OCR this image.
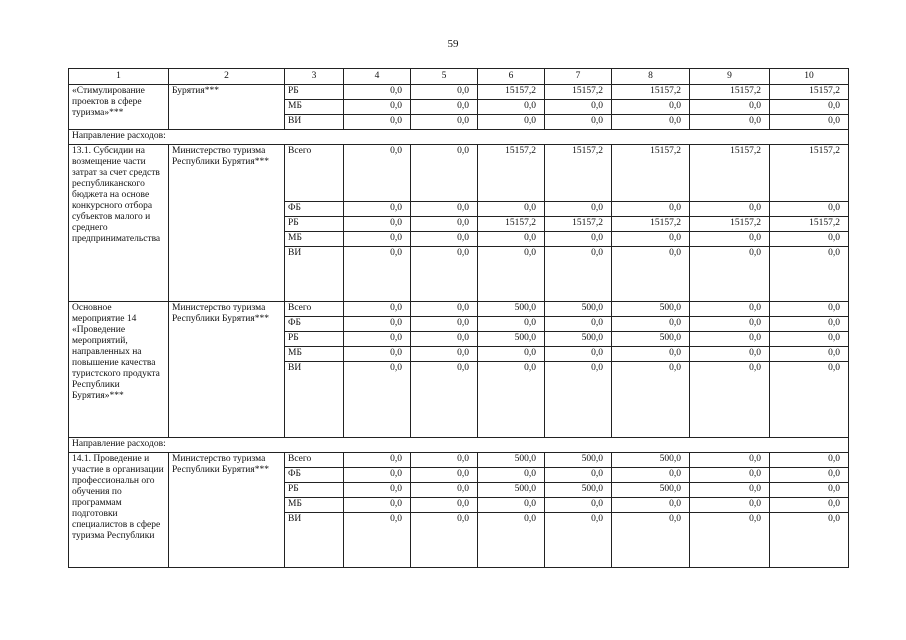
59
1	2	3	4	5	6	7	8	9	10
«Стимулирование проектов в сфере туризма»***	Бурятия***	РБ	0,0	0,0	15157,2	15157,2	15157,2	15157,2	15157,2
		МБ	0,0	0,0	0,0	0,0	0,0	0,0	0,0
		ВИ	0,0	0,0	0,0	0,0	0,0	0,0	0,0
Направление расходов:									
13.1. Субсидии на возмещение части затрат за счет средств республиканского бюджета на основе конкурсного отбора субъектов малого и среднего предпринимательства	Министерство туризма Республики Бурятия***	Всего	0,0	0,0	15157,2	15157,2	15157,2	15157,2	15157,2
		ФБ	0,0	0,0	0,0	0,0	0,0	0,0	0,0
		РБ	0,0	0,0	15157,2	15157,2	15157,2	15157,2	15157,2
		МБ	0,0	0,0	0,0	0,0	0,0	0,0	0,0
		ВИ	0,0	0,0	0,0	0,0	0,0	0,0	0,0
Основное мероприятие 14 «Проведение мероприятий, направленных на повышение качества туристского продукта Республики Бурятия»***	Министерство туризма Республики Бурятия***	Всего	0,0	0,0	500,0	500,0	500,0	0,0	0,0
		ФБ	0,0	0,0	0,0	0,0	0,0	0,0	0,0
		РБ	0,0	0,0	500,0	500,0	500,0	0,0	0,0
		МБ	0,0	0,0	0,0	0,0	0,0	0,0	0,0
		ВИ	0,0	0,0	0,0	0,0	0,0	0,0	0,0
Направление расходов:									
14.1. Проведение и участие в организации профессиональн ого обучения по программам подготовки специалистов в сфере туризма Республики	Министерство туризма Республики Бурятия***	Всего	0,0	0,0	500,0	500,0	500,0	0,0	0,0
		ФБ	0,0	0,0	0,0	0,0	0,0	0,0	0,0
		РБ	0,0	0,0	500,0	500,0	500,0	0,0	0,0
		МБ	0,0	0,0	0,0	0,0	0,0	0,0	0,0
		ВИ	0,0	0,0	0,0	0,0	0,0	0,0	0,0
